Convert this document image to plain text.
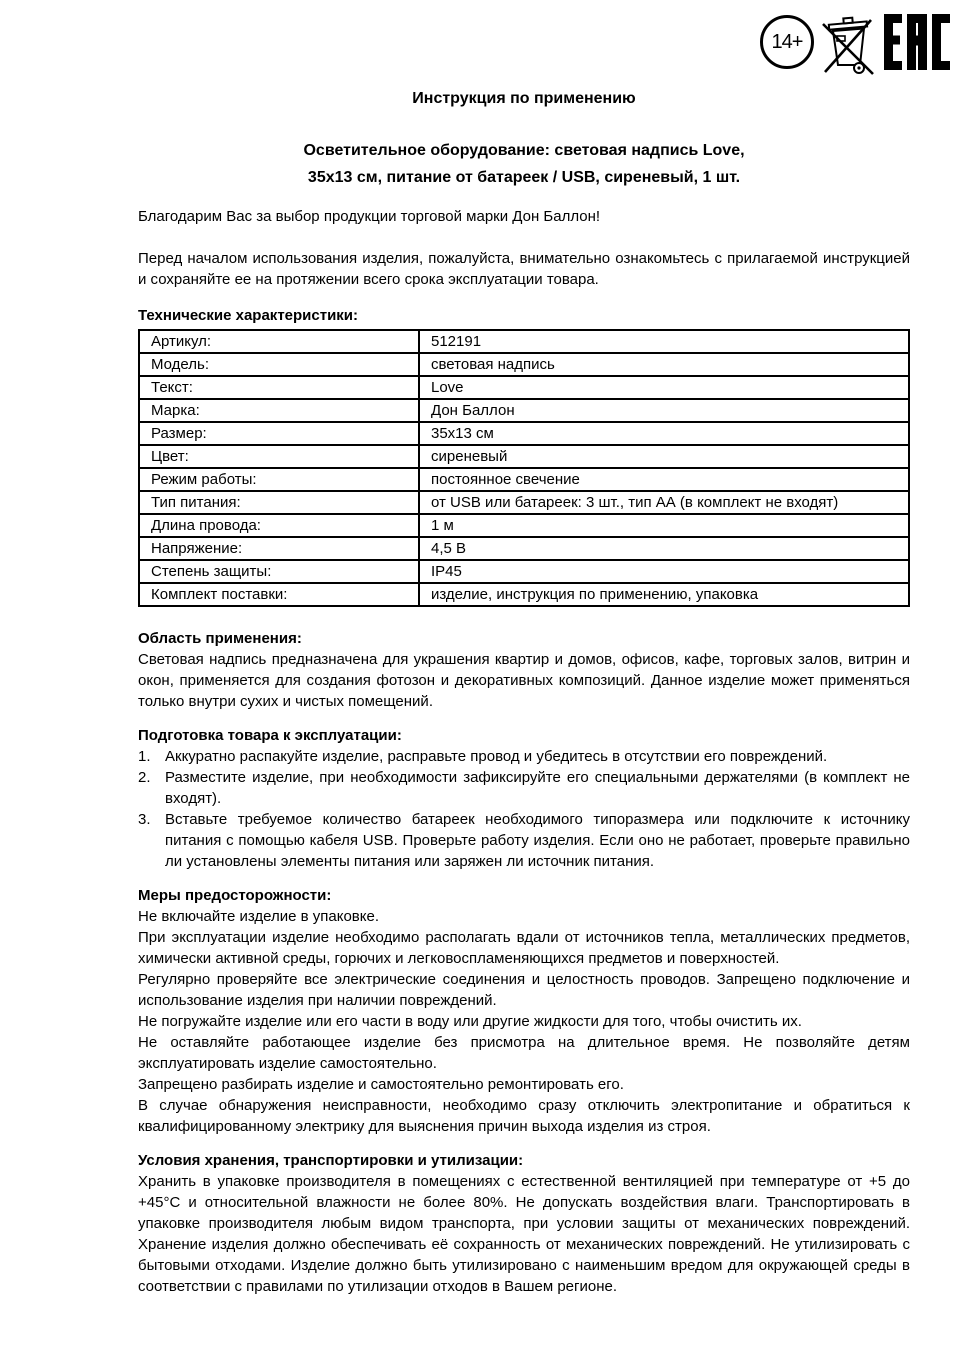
14+
Инструкция по применению
Осветительное оборудование: световая надпись Love,
35х13 см, питание от батареек / USB, сиреневый, 1 шт.
Благодарим Вас за выбор продукции торговой марки Дон Баллон!
Перед началом использования изделия, пожалуйста, внимательно ознакомьтесь с прилагаемой инструкцией и сохраняйте ее на протяжении всего срока эксплуатации товара.
Технические характеристики:
Артикул:	512191
Модель:	световая надпись
Текст:	Love
Марка:	Дон Баллон
Размер:	35х13 см
Цвет:	сиреневый
Режим работы:	постоянное свечение
Тип питания:	от USB или батареек: 3 шт., тип АА (в комплект не входят)
Длина провода:	1 м
Напряжение:	4,5 В
Степень защиты:	IP45
Комплект поставки:	изделие, инструкция по применению, упаковка
Область применения:
Световая надпись предназначена для украшения квартир и домов, офисов, кафе, торговых залов, витрин и окон, применяется для создания фотозон и декоративных композиций. Данное изделие может применяться только внутри сухих и чистых помещений.
Подготовка товара к эксплуатации:
1. Аккуратно распакуйте изделие, расправьте провод и убедитесь в отсутствии его повреждений.
2. Разместите изделие, при необходимости зафиксируйте его специальными держателями (в комплект не входят).
3. Вставьте требуемое количество батареек необходимого типоразмера или подключите к источнику питания с помощью кабеля USB. Проверьте работу изделия. Если оно не работает, проверьте правильно ли установлены элементы питания или заряжен ли источник питания.
Меры предосторожности:
Не включайте изделие в упаковке.
При эксплуатации изделие необходимо располагать вдали от источников тепла, металлических предметов, химически активной среды, горючих и легковоспламеняющихся предметов и поверхностей.
Регулярно проверяйте все электрические соединения и целостность проводов. Запрещено подключение и использование изделия при наличии повреждений.
Не погружайте изделие или его части в воду или другие жидкости для того, чтобы очистить их.
Не оставляйте работающее изделие без присмотра на длительное время. Не позволяйте детям эксплуатировать изделие самостоятельно.
Запрещено разбирать изделие и самостоятельно ремонтировать его.
В случае обнаружения неисправности, необходимо сразу отключить электропитание и обратиться к квалифицированному электрику для выяснения причин выхода изделия из строя.
Условия хранения, транспортировки и утилизации:
Хранить в упаковке производителя в помещениях с естественной вентиляцией при температуре от +5 до +45°С и относительной влажности не более 80%. Не допускать воздействия влаги. Транспортировать в упаковке производителя любым видом транспорта, при условии защиты от механических повреждений. Хранение изделия должно обеспечивать её сохранность от механических повреждений. Не утилизировать с бытовыми отходами. Изделие должно быть утилизировано с наименьшим вредом для окружающей среды в соответствии с правилами по утилизации отходов в Вашем регионе.
